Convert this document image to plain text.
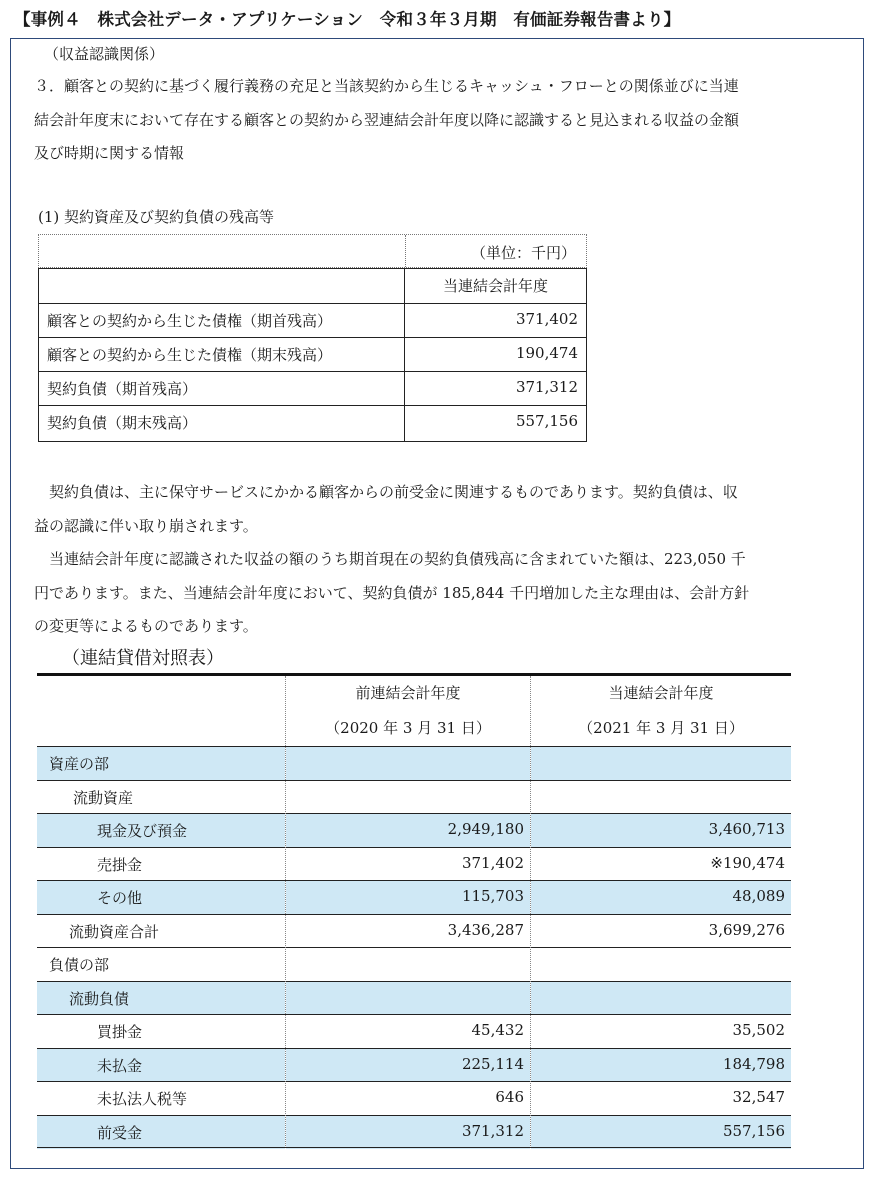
【事例４　株式会社データ・アプリケーション　令和３年３月期　有価証券報告書より】
（収益認識関係）
３．顧客との契約に基づく履行義務の充足と当該契約から生じるキャッシュ・フローとの関係並びに当連
結会計年度末において存在する顧客との契約から翌連結会計年度以降に認識すると見込まれる収益の金額
及び時期に関する情報
(1) 契約資産及び契約負債の残高等
（単位：千円）
当連結会計年度
顧客との契約から生じた債権（期首残高）	371,402
顧客との契約から生じた債権（期末残高）	190,474
契約負債（期首残高）	371,312
契約負債（期末残高）	557,156
　契約負債は、主に保守サービスにかかる顧客からの前受金に関連するものであります。契約負債は、収
益の認識に伴い取り崩されます。
　当連結会計年度に認識された収益の額のうち期首現在の契約負債残高に含まれていた額は、223,050 千
円であります。また、当連結会計年度において、契約負債が 185,844 千円増加した主な理由は、会計方針
の変更等によるものであります。
（連結貸借対照表）
前連結会計年度
（2020 年 3 月 31 日）
当連結会計年度
（2021 年 3 月 31 日）
資産の部
流動資産
現金及び預金	2,949,180	3,460,713
売掛金	371,402	※190,474
その他	115,703	48,089
流動資産合計	3,436,287	3,699,276
負債の部
流動負債
買掛金	45,432	35,502
未払金	225,114	184,798
未払法人税等	646	32,547
前受金	371,312	557,156
